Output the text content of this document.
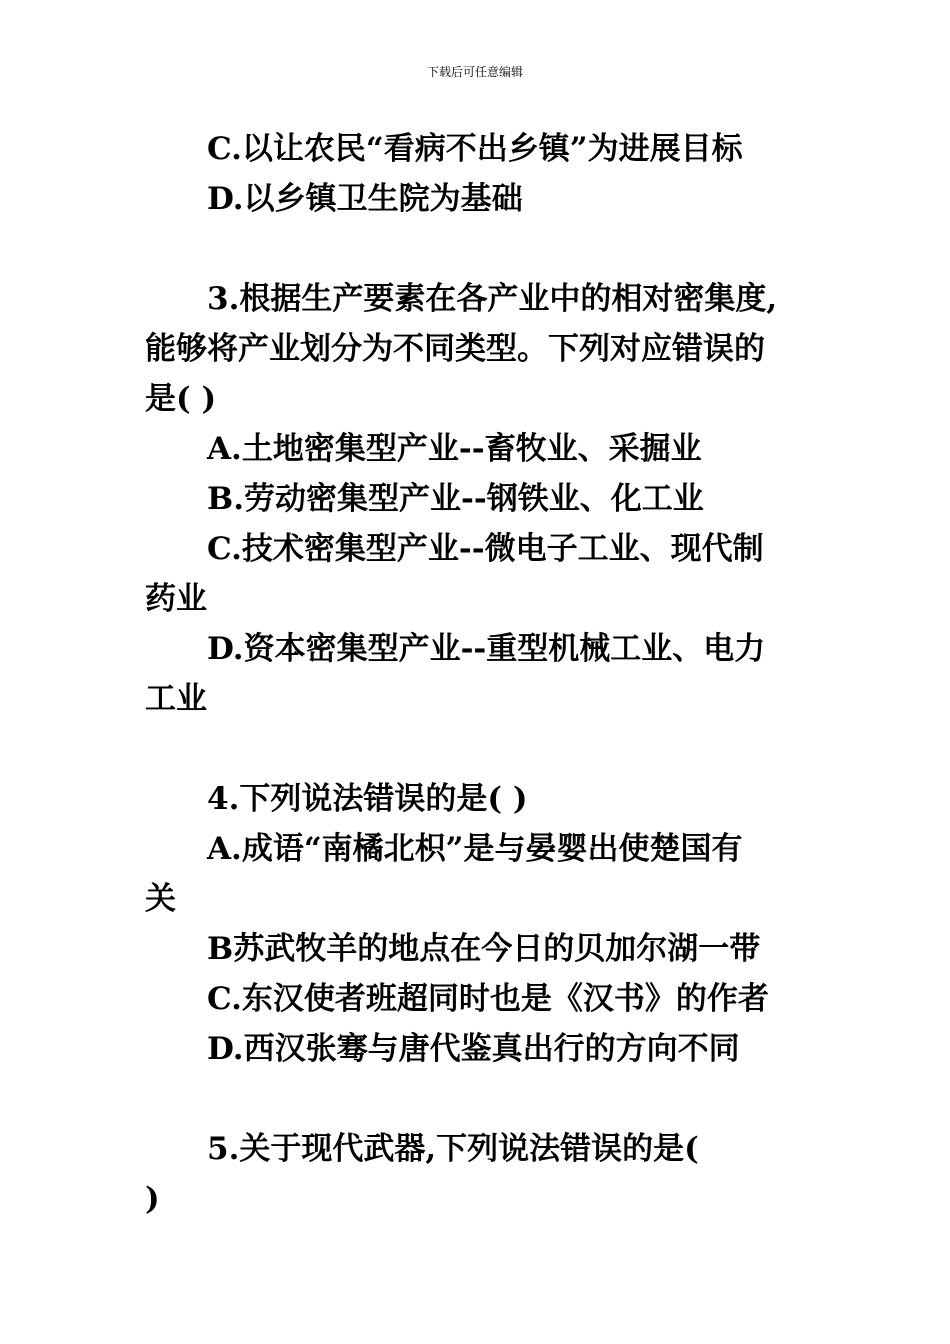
下载后可任意编辑

C.以让农民“看病不出乡镇”为进展目标

D.以乡镇卫生院为基础

3.根据生产要素在各产业中的相对密集度,

能够将产业划分为不同类型。下列对应错误的

是( )

A.土地密集型产业--畜牧业、采掘业

B.劳动密集型产业--钢铁业、化工业

C.技术密集型产业--微电子工业、现代制

药业

D.资本密集型产业--重型机械工业、电力

工业

4.下列说法错误的是( )

A.成语“南橘北枳”是与晏婴出使楚国有

关

B苏武牧羊的地点在今日的贝加尔湖一带

C.东汉使者班超同时也是《汉书》的作者

D.西汉张骞与唐代鉴真出行的方向不同

5.关于现代武器,下列说法错误的是(

)
